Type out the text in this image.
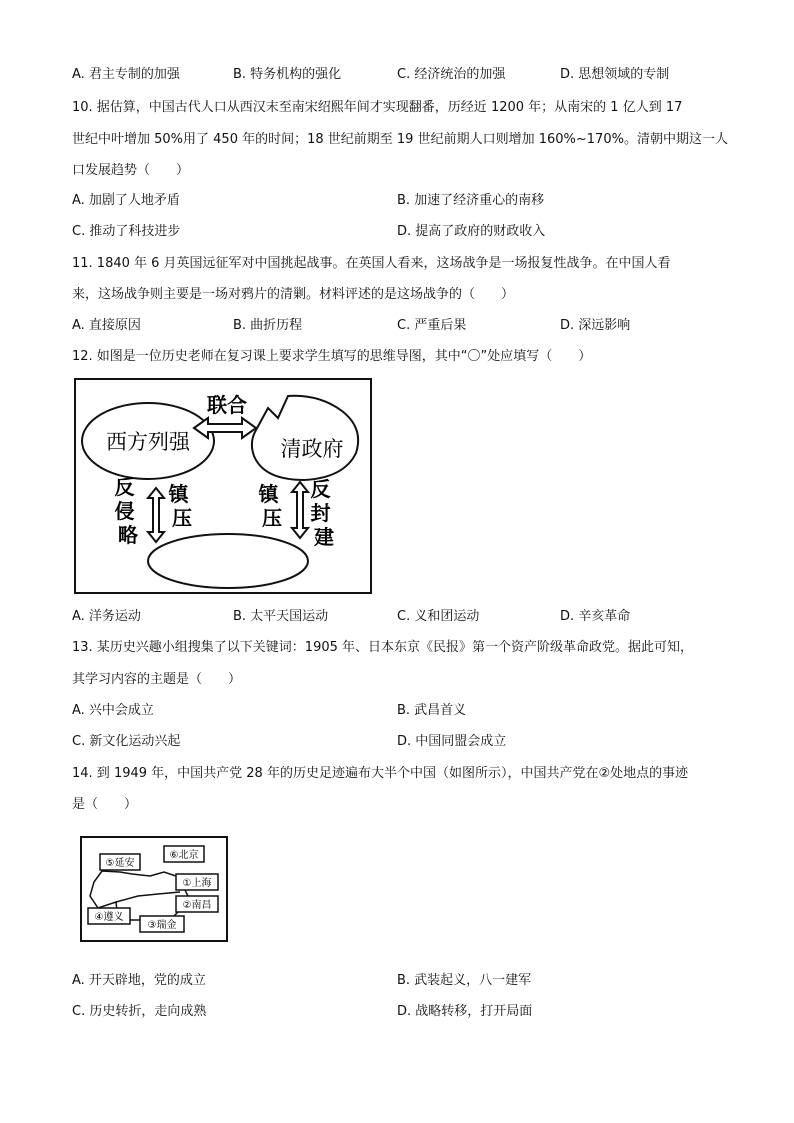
A. 君主专制的加强	B. 特务机构的强化	C. 经济统治的加强	D. 思想领域的专制
10. 据估算，中国古代人口从西汉末至南宋绍熙年间才实现翻番，历经近 1200 年；从南宋的 1 亿人到 17
世纪中叶增加 50%用了 450 年的时间；18 世纪前期至 19 世纪前期人口则增加 160%~170%。清朝中期这一人
口发展趋势（　　）
A. 加剧了人地矛盾	B. 加速了经济重心的南移
C. 推动了科技进步	D. 提高了政府的财政收入
11. 1840 年 6 月英国远征军对中国挑起战事。在英国人看来，这场战争是一场报复性战争。在中国人看
来，这场战争则主要是一场对鸦片的清剿。材料评述的是这场战争的（　　）
A. 直接原因	B. 曲折历程	C. 严重后果	D. 深远影响
12. 如图是一位历史老师在复习课上要求学生填写的思维导图，其中“〇”处应填写（　　）
西方列强	清政府
联合
反 侵 略
镇 压
镇 压
反 封 建
A. 洋务运动	B. 太平天国运动	C. 义和团运动	D. 辛亥革命
13. 某历史兴趣小组搜集了以下关键词：1905 年、日本东京《民报》第一个资产阶级革命政党。据此可知，
其学习内容的主题是（　　）
A. 兴中会成立	B. 武昌首义
C. 新文化运动兴起	D. 中国同盟会成立
14. 到 1949 年，中国共产党 28 年的历史足迹遍布大半个中国（如图所示），中国共产党在②处地点的事迹
是（　　）
⑤延安
⑥北京
①上海
②南昌
④遵义
③瑞金
A. 开天辟地，党的成立	B. 武装起义，八一建军
C. 历史转折，走向成熟	D. 战略转移，打开局面
